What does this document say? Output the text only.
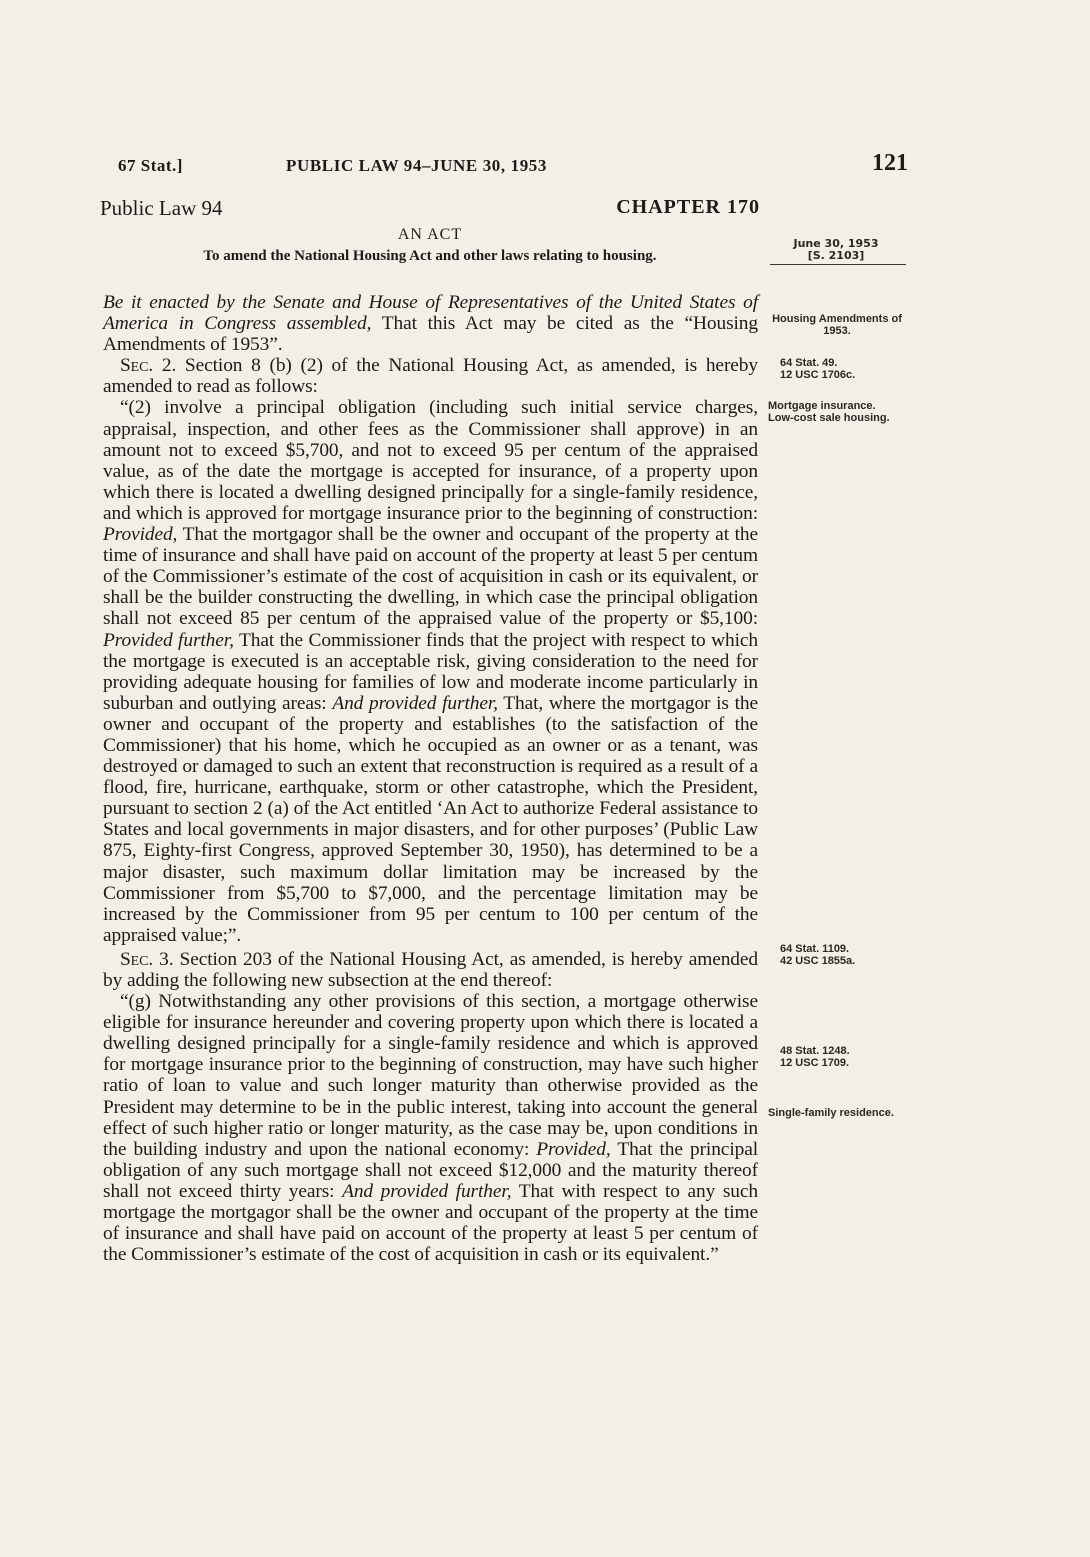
67 Stat.]	PUBLIC LAW 94–JUNE 30, 1953	121
Public Law 94	CHAPTER 170
AN ACT
To amend the National Housing Act and other laws relating to housing.
June 30, 1953
[S. 2103]
Housing Amendments of 1953.
64 Stat. 49.
12 USC 1706c.
Mortgage insurance.
Low-cost sale housing.
64 Stat. 1109.
42 USC 1855a.
48 Stat. 1248.
12 USC 1709.
Single-family residence.

Be it enacted by the Senate and House of Representatives of the United States of America in Congress assembled, That this Act may be cited as the “Housing Amendments of 1953”.

Sec. 2. Section 8 (b) (2) of the National Housing Act, as amended, is hereby amended to read as follows:

“(2) involve a principal obligation (including such initial service charges, appraisal, inspection, and other fees as the Commissioner shall approve) in an amount not to exceed $5,700, and not to exceed 95 per centum of the appraised value, as of the date the mortgage is accepted for insurance, of a property upon which there is located a dwelling designed principally for a single-family residence, and which is approved for mortgage insurance prior to the beginning of construction: Provided, That the mortgagor shall be the owner and occupant of the property at the time of insurance and shall have paid on account of the property at least 5 per centum of the Commissioner’s estimate of the cost of acquisition in cash or its equivalent, or shall be the builder constructing the dwelling, in which case the principal obligation shall not exceed 85 per centum of the appraised value of the property or $5,100: Provided further, That the Commissioner finds that the project with respect to which the mortgage is executed is an acceptable risk, giving consideration to the need for providing adequate housing for families of low and moderate income particularly in suburban and outlying areas: And provided further, That, where the mortgagor is the owner and occupant of the property and establishes (to the satisfaction of the Commissioner) that his home, which he occupied as an owner or as a tenant, was destroyed or damaged to such an extent that reconstruction is required as a result of a flood, fire, hurricane, earthquake, storm or other catastrophe, which the President, pursuant to section 2 (a) of the Act entitled ‘An Act to authorize Federal assistance to States and local governments in major disasters, and for other purposes’ (Public Law 875, Eighty-first Congress, approved September 30, 1950), has determined to be a major disaster, such maximum dollar limitation may be increased by the Commissioner from $5,700 to $7,000, and the percentage limitation may be increased by the Commissioner from 95 per centum to 100 per centum of the appraised value;”.

Sec. 3. Section 203 of the National Housing Act, as amended, is hereby amended by adding the following new subsection at the end thereof:

“(g) Notwithstanding any other provisions of this section, a mortgage otherwise eligible for insurance hereunder and covering property upon which there is located a dwelling designed principally for a single-family residence and which is approved for mortgage insurance prior to the beginning of construction, may have such higher ratio of loan to value and such longer maturity than otherwise provided as the President may determine to be in the public interest, taking into account the general effect of such higher ratio or longer maturity, as the case may be, upon conditions in the building industry and upon the national economy: Provided, That the principal obligation of any such mortgage shall not exceed $12,000 and the maturity thereof shall not exceed thirty years: And provided further, That with respect to any such mortgage the mortgagor shall be the owner and occupant of the property at the time of insurance and shall have paid on account of the property at least 5 per centum of the Commissioner’s estimate of the cost of acquisition in cash or its equivalent.”
